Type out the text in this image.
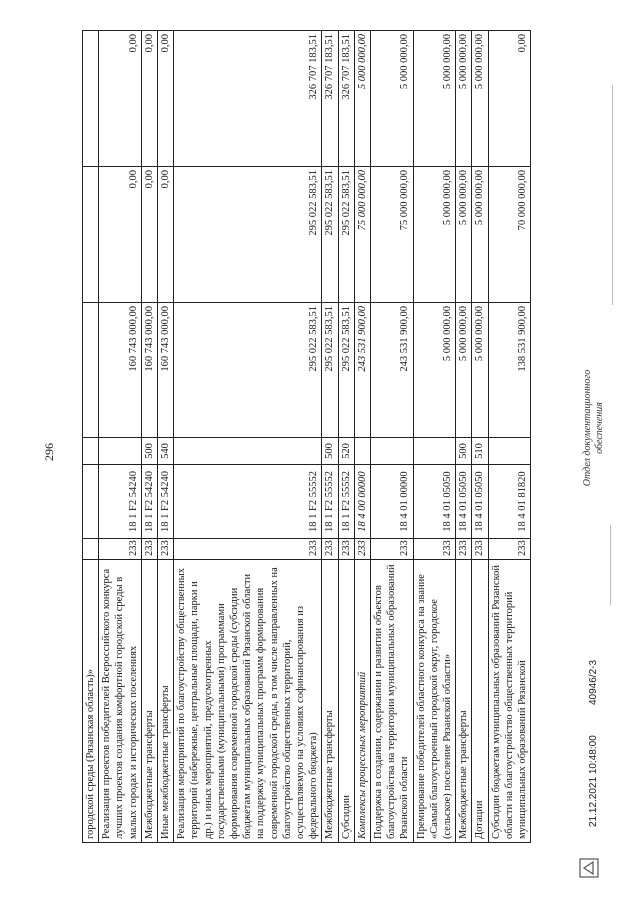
296
городской среды (Рязанская область)»						
Реализация проектов победителей Всероссийского конкурса лучших проектов создания комфортной городской среды в малых городах и исторических поселениях	233	18 1 F2 54240		160 743 000,00	0,00	0,00
Межбюджетные трансферты	233	18 1 F2 54240	500	160 743 000,00	0,00	0,00
Иные межбюджетные трансферты	233	18 1 F2 54240	540	160 743 000,00	0,00	0,00
Реализация мероприятий по благоустройству общественных территорий (набережные, центральные площади, парки и др.) и иных мероприятий, предусмотренных государственными (муниципальными) программами формирования современной городской среды (субсидии бюджетам муниципальных образований Рязанской области на поддержку муниципальных программ формирования современной городской среды, в том числе направленных на благоустройство общественных территорий, осуществляемую на условиях софинансирования из федерального бюджета)	233	18 1 F2 55552		295 022 583,51	295 022 583,51	326 707 183,51
Межбюджетные трансферты	233	18 1 F2 55552	500	295 022 583,51	295 022 583,51	326 707 183,51
Субсидии	233	18 1 F2 55552	520	295 022 583,51	295 022 583,51	326 707 183,51
Комплексы процессных мероприятий	233	18 4 00 00000		243 531 900,00	75 000 000,00	5 000 000,00
Поддержка в создании, содержании и развитии объектов благоустройства на территории муниципальных образований Рязанской области	233	18 4 01 00000		243 531 900,00	75 000 000,00	5 000 000,00
Премирование победителей областного конкурса на звание «Самый благоустроенный городской округ, городское (сельское) поселение Рязанской области»	233	18 4 01 05050		5 000 000,00	5 000 000,00	5 000 000,00
Межбюджетные трансферты	233	18 4 01 05050	500	5 000 000,00	5 000 000,00	5 000 000,00
Дотации	233	18 4 01 05050	510	5 000 000,00	5 000 000,00	5 000 000,00
Субсидии бюджетам муниципальных образований Рязанской области на благоустройство общественных территорий муниципальных образований Рязанской	233	18 4 01 81820		138 531 900,00	70 000 000,00	0,00
21.12.2021 10:48:00
40946/2-3
Отдел документационного обеспечения
